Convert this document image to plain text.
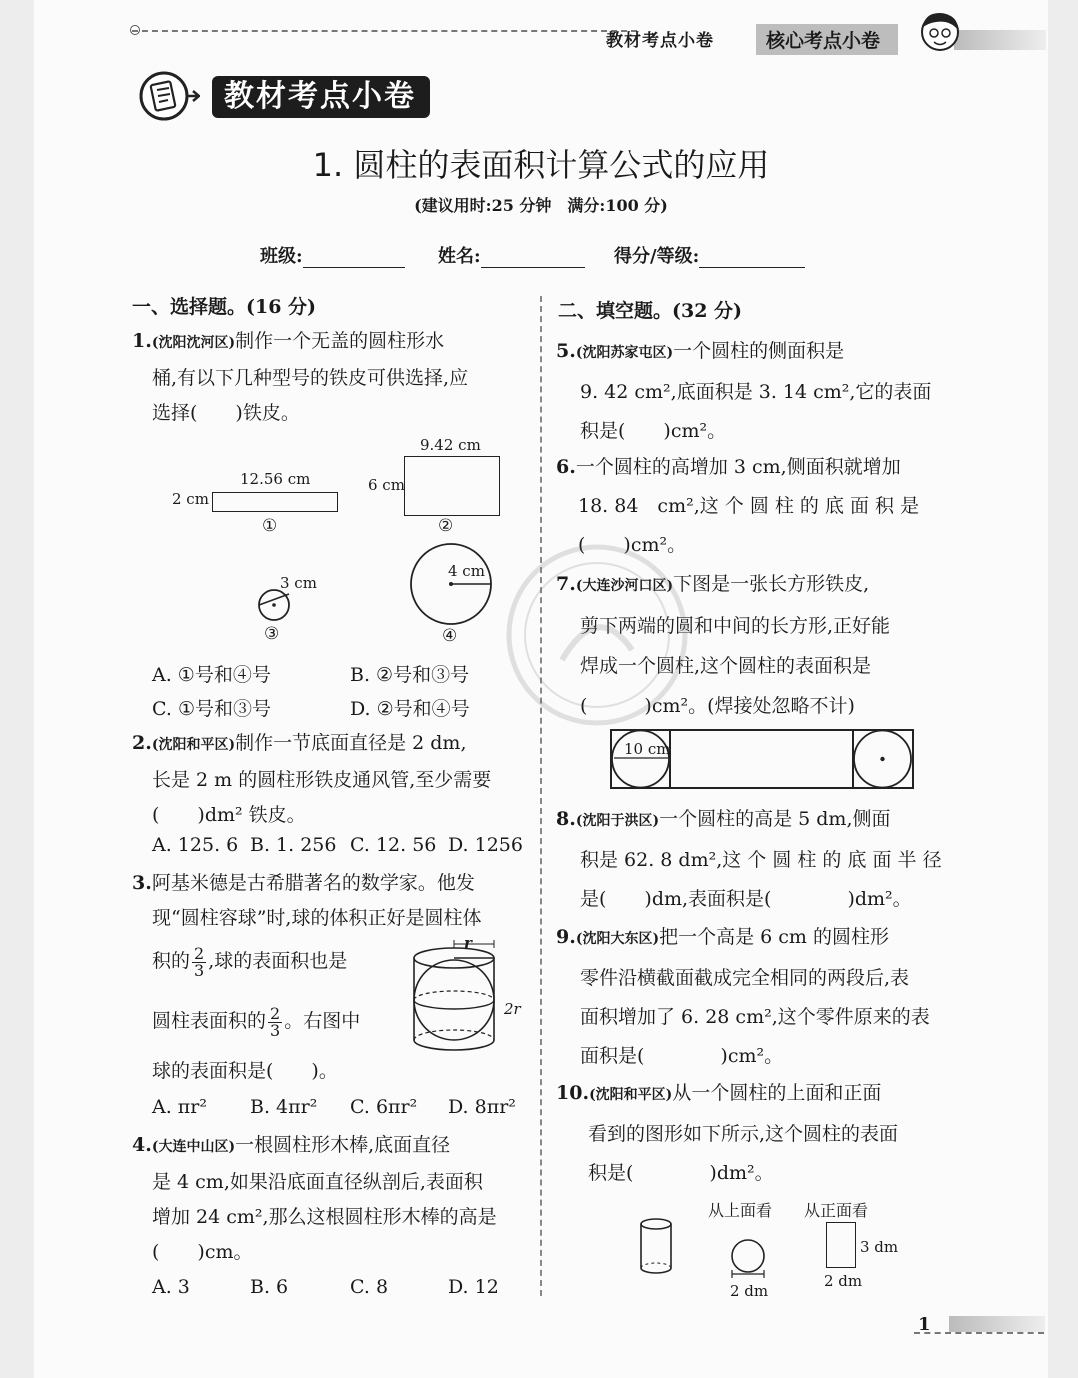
教材考点小卷	核心考点小卷
教材考点小卷
1. 圆柱的表面积计算公式的应用
(建议用时:25 分钟　满分:100 分)
班级:	姓名:	得分/等级:
一、选择题。(16 分)
1.(沈阳沈河区)制作一个无盖的圆柱形水
桶,有以下几种型号的铁皮可供选择,应
选择(　　)铁皮。
12.56 cm
2 cm
①
9.42 cm
6 cm
②
3 cm
③
4 cm
④
A. ①号和④号	B. ②号和③号
C. ①号和③号	D. ②号和④号
2.(沈阳和平区)制作一节底面直径是 2 dm,
长是 2 m 的圆柱形铁皮通风管,至少需要
(　　)dm² 铁皮。
A. 125. 6 B. 1. 256 C. 12. 56 D. 1256
3.阿基米德是古希腊著名的数学家。他发
现“圆柱容球”时,球的体积正好是圆柱体
积的 $\frac{2}{3}$ ,球的表面积也是
圆柱表面积的 $\frac{2}{3}$ 。右图中
球的表面积是(　　)。
r
2r
A. πr² B. 4πr² C. 6πr² D. 8πr²
4.(大连中山区)一根圆柱形木棒,底面直径
是 4 cm,如果沿底面直径纵剖后,表面积
增加 24 cm²,那么这根圆柱形木棒的高是
(　　)cm。
A. 3	B. 6	C. 8	D. 12
二、填空题。(32 分)
5.(沈阳苏家屯区)一个圆柱的侧面积是
9. 42 cm²,底面积是 3. 14 cm²,它的表面
积是(　　)cm²。
6.一个圆柱的高增加 3 cm,侧面积就增加
18. 84　cm²,这 个 圆 柱 的 底 面 积 是
(　　)cm²。
7.(大连沙河口区)下图是一张长方形铁皮,
剪下两端的圆和中间的长方形,正好能
焊成一个圆柱,这个圆柱的表面积是
(　　　)cm²。(焊接处忽略不计)
10 cm
8.(沈阳于洪区)一个圆柱的高是 5 dm,侧面
积是 62. 8 dm²,这 个 圆 柱 的 底 面 半 径
是(　　)dm,表面积是(　　　　)dm²。
9.(沈阳大东区)把一个高是 6 cm 的圆柱形
零件沿横截面截成完全相同的两段后,表
面积增加了 6. 28 cm²,这个零件原来的表
面积是(　　　　)cm²。
10.(沈阳和平区)从一个圆柱的上面和正面
看到的图形如下所示,这个圆柱的表面
积是(　　　　)dm²。
从上面看 从正面看
2 dm
3 dm
2 dm
1
